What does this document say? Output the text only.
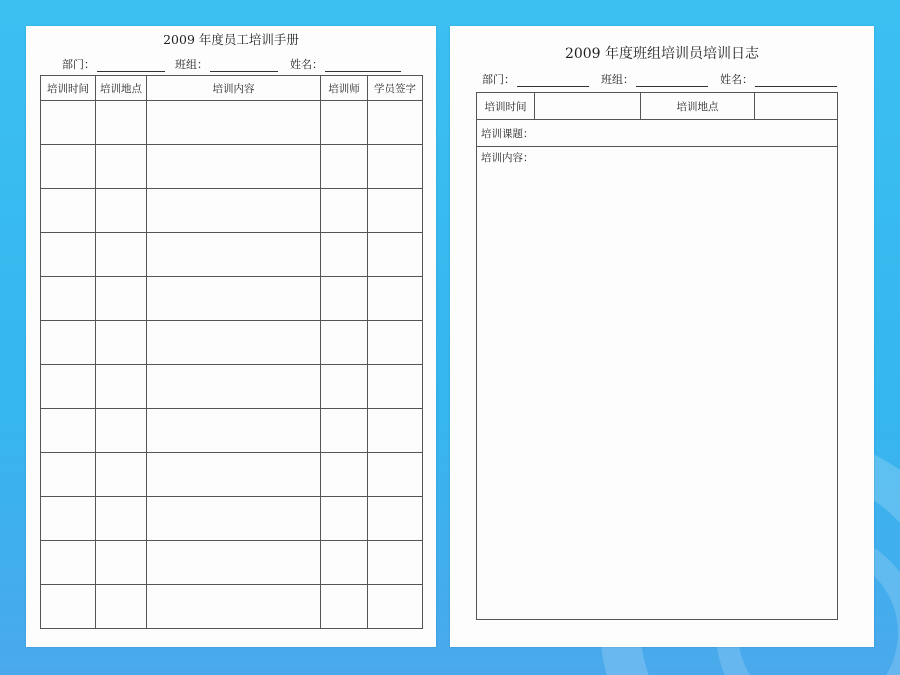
2009 年度员工培训手册
部门：	班组：	姓名：
培训时间	培训地点	培训内容	培训师	学员签字

2009 年度班组培训员培训日志
部门：	班组：	姓名：
培训时间	培训地点
培训课题：
培训内容：
